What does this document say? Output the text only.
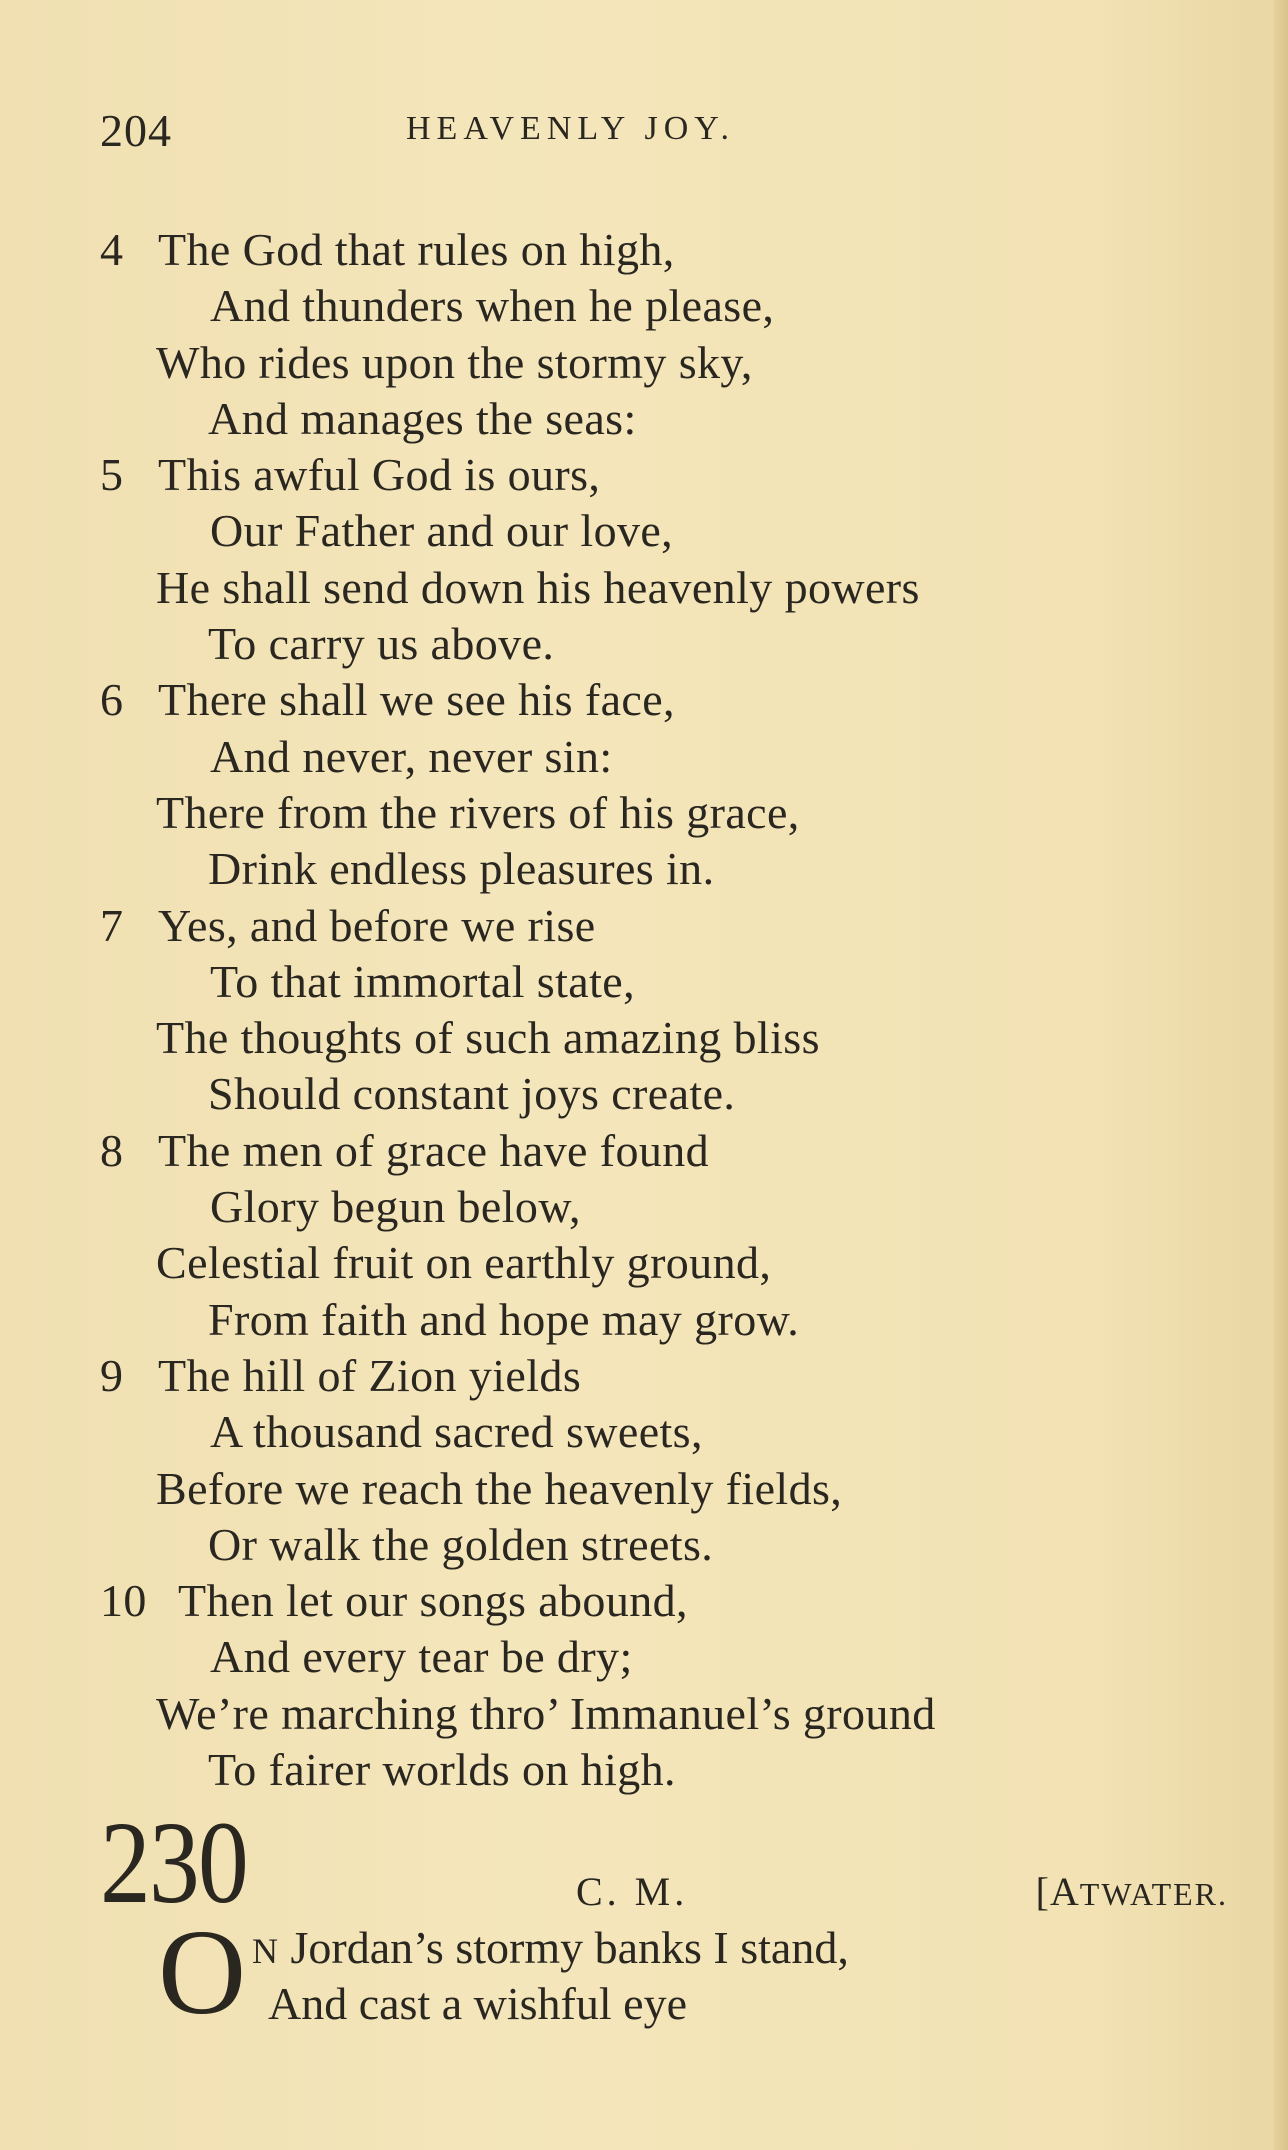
204	HEAVENLY JOY.
4 The God that rules on high,
And thunders when he please,
Who rides upon the stormy sky,
And manages the seas:
5 This awful God is ours,
Our Father and our love,
He shall send down his heavenly powers
To carry us above.
6 There shall we see his face,
And never, never sin:
There from the rivers of his grace,
Drink endless pleasures in.
7 Yes, and before we rise
To that immortal state,
The thoughts of such amazing bliss
Should constant joys create.
8 The men of grace have found
Glory begun below,
Celestial fruit on earthly ground,
From faith and hope may grow.
9 The hill of Zion yields
A thousand sacred sweets,
Before we reach the heavenly fields,
Or walk the golden streets.
10 Then let our songs abound,
And every tear be dry;
We’re marching thro’ Immanuel’s ground
To fairer worlds on high.
230	C. M.	[ATWATER.
O N Jordan’s stormy banks I stand,
And cast a wishful eye
